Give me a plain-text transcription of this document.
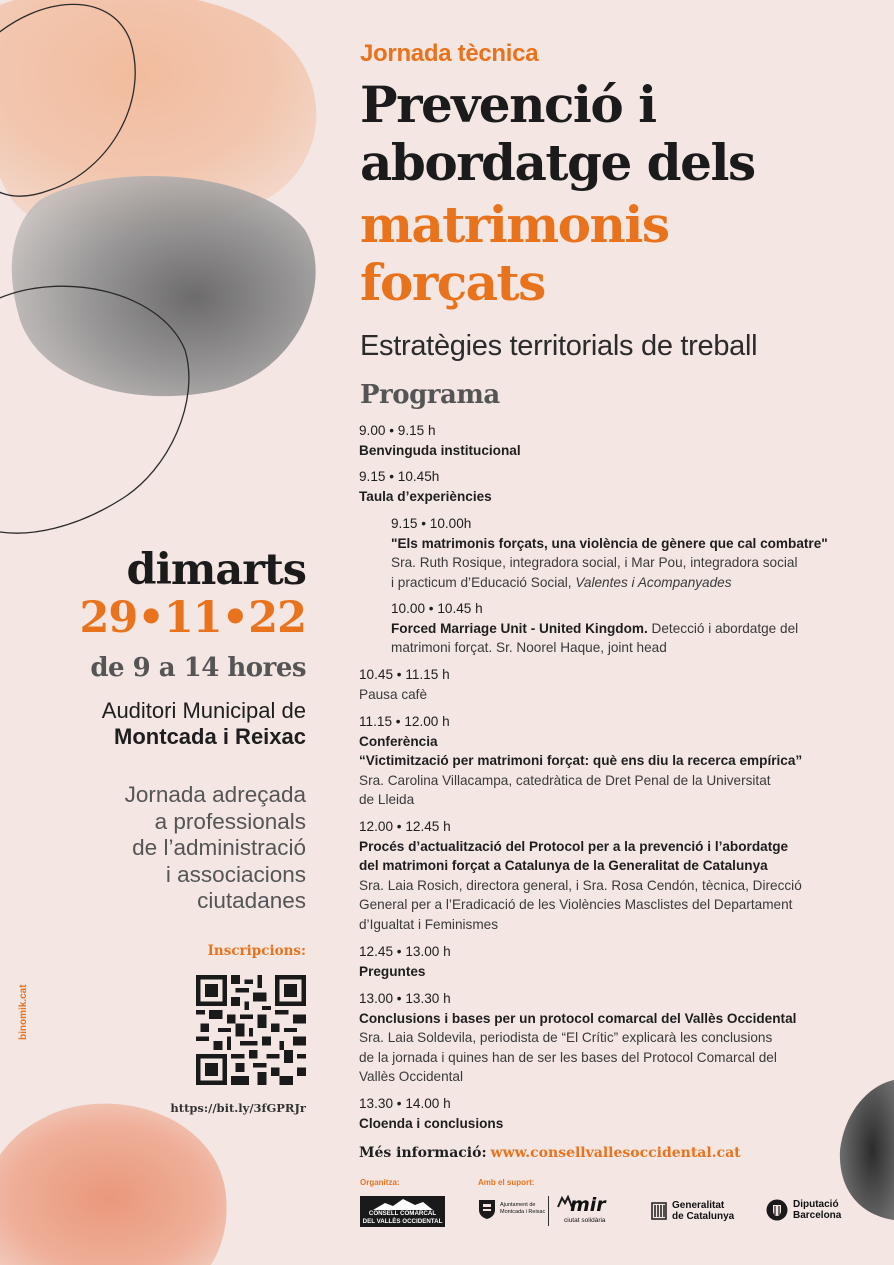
Jornada tècnica
Prevenció i
abordatge dels
matrimonis
forçats
Estratègies territorials de treball
Programa
9.00 • 9.15 h
Benvinguda institucional
9.15 • 10.45h
Taula d’experiències
9.15 • 10.00h
"Els matrimonis forçats, una violència de gènere que cal combatre"
Sra. Ruth Rosique, integradora social, i Mar Pou, integradora social
i practicum d’Educació Social, Valentes i Acompanyades
10.00 • 10.45 h
Forced Marriage Unit - United Kingdom. Detecció i abordatge del
matrimoni forçat. Sr. Noorel Haque, joint head
10.45 • 11.15 h
Pausa cafè
11.15 • 12.00 h
Conferència
“Victimització per matrimoni forçat: què ens diu la recerca empírica”
Sra. Carolina Villacampa, catedràtica de Dret Penal de la Universitat
de Lleida
12.00 • 12.45 h
Procés d’actualització del Protocol per a la prevenció i l’abordatge
del matrimoni forçat a Catalunya de la Generalitat de Catalunya
Sra. Laia Rosich, directora general, i Sra. Rosa Cendón, tècnica, Direcció
General per a l’Eradicació de les Violències Masclistes del Departament
d’Igualtat i Feminismes
12.45 • 13.00 h
Preguntes
13.00 • 13.30 h
Conclusions i bases per un protocol comarcal del Vallès Occidental
Sra. Laia Soldevila, periodista de “El Crític” explicarà les conclusions
de la jornada i quines han de ser les bases del Protocol Comarcal del
Vallès Occidental
13.30 • 14.00 h
Cloenda i conclusions
dimarts
29•11•22
de 9 a 14 hores
Auditori Municipal de
Montcada i Reixac
Jornada adreçada
a professionals
de l’administració
i associacions
ciutadanes
Inscripcions:
https://bit.ly/3fGPRJr
binomik.cat
Més informació: www.consellvallesoccidental.cat
Organitza:	Amb el suport:
CONSELL COMARCAL
DEL VALLÈS OCCIDENTAL
Ajuntament de
Montcada i Reixac mir
ciutat solidària
Generalitat
de Catalunya
Diputació
Barcelona
